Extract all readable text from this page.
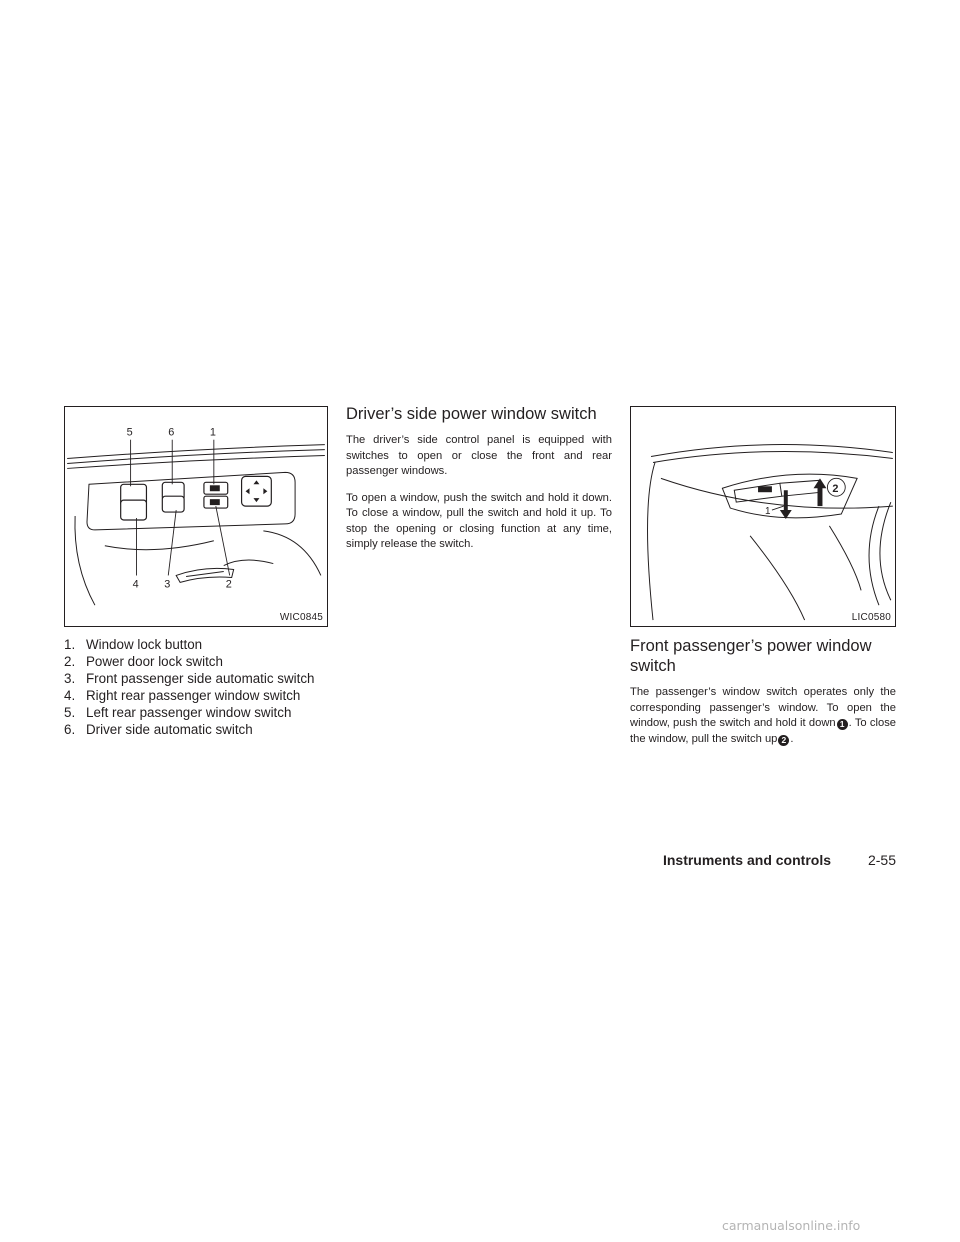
5	6	1
4 3	2
WIC0845
1. Window lock button
2. Power door lock switch
3. Front passenger side automatic switch
4. Right rear passenger window switch
5. Left rear passenger window switch
6. Driver side automatic switch
Driver’s side power window switch

The driver’s side control panel is equipped with switches to open or close the front and rear passenger windows.

To open a window, push the switch and hold it down. To close a window, pull the switch and hold it up. To stop the opening or closing function at any time, simply release the switch.

1
2
LIC0580
Front passenger’s power window switch

The passenger’s window switch operates only the corresponding passenger’s window. To open the window, push the switch and hold it down 1 . To close the window, pull the switch up 2 .

Instruments and controls	2-55
carmanualsonline.info
